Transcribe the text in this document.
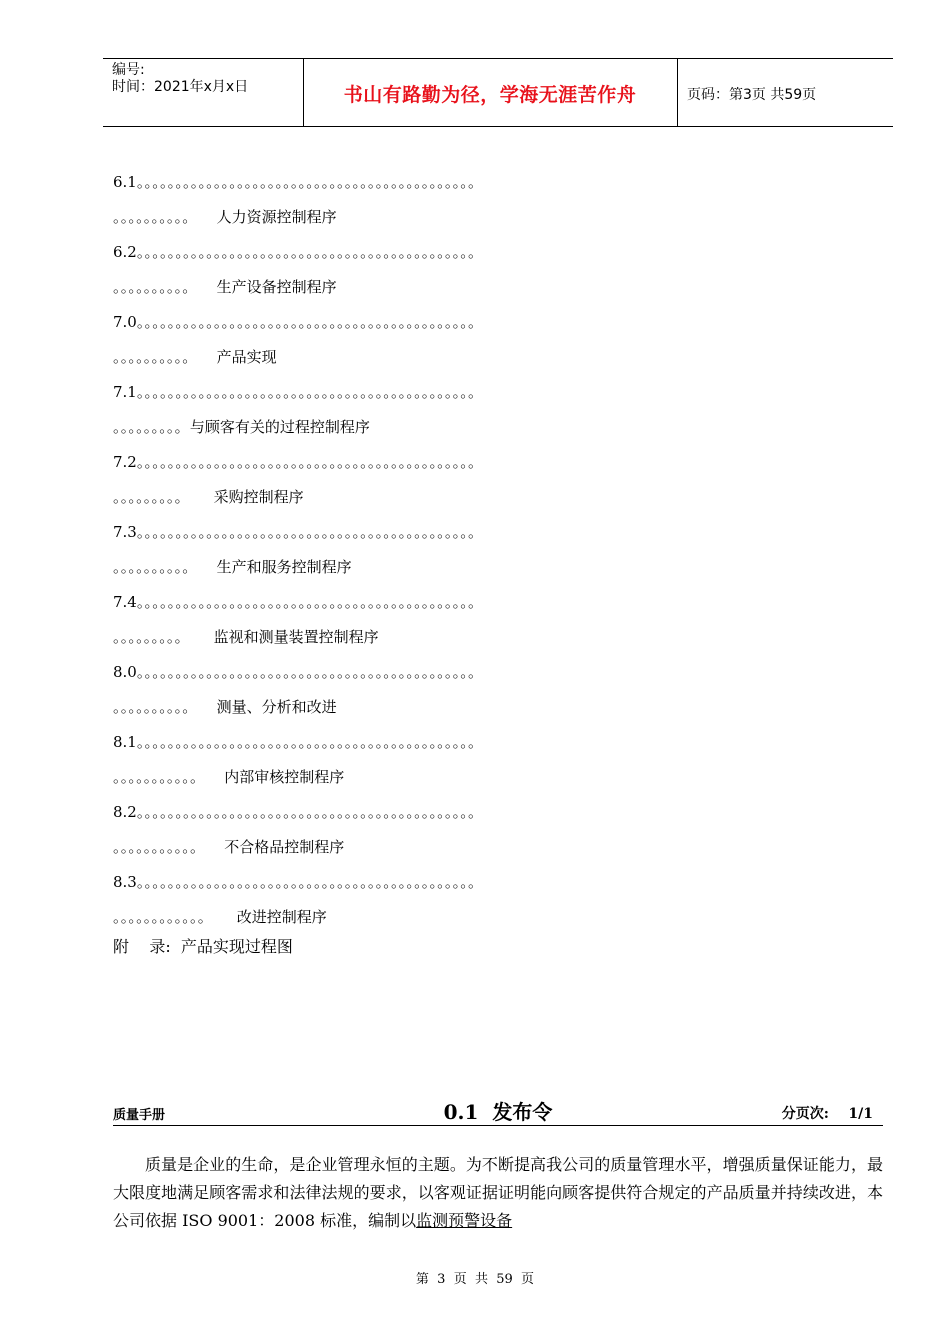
编号:
时间：2021年x月x日	书山有路勤为径，学海无涯苦作舟	页码：第3页 共59页
6.1。。。。。。。。。。。。。。。。。。。。。。。。。。。。。。。。。。。。。。。。。。。。
。。。。。。。。。。 人力资源控制程序
6.2。。。。。。。。。。。。。。。。。。。。。。。。。。。。。。。。。。。。。。。。。。。。
。。。。。。。。。。 生产设备控制程序
7.0。。。。。。。。。。。。。。。。。。。。。。。。。。。。。。。。。。。。。。。。。。。。
。。。。。。。。。。 产品实现
7.1。。。。。。。。。。。。。。。。。。。。。。。。。。。。。。。。。。。。。。。。。。。。
。。。。。。。。。与顾客有关的过程控制程序
7.2。。。。。。。。。。。。。。。。。。。。。。。。。。。。。。。。。。。。。。。。。。。。
。。。。。。。。。 采购控制程序
7.3。。。。。。。。。。。。。。。。。。。。。。。。。。。。。。。。。。。。。。。。。。。。
。。。。。。。。。。 生产和服务控制程序
7.4。。。。。。。。。。。。。。。。。。。。。。。。。。。。。。。。。。。。。。。。。。。。
。。。。。。。。。 监视和测量装置控制程序
8.0。。。。。。。。。。。。。。。。。。。。。。。。。。。。。。。。。。。。。。。。。。。。
。。。。。。。。。。 测量、分析和改进
8.1。。。。。。。。。。。。。。。。。。。。。。。。。。。。。。。。。。。。。。。。。。。。
。。。。。。。。。。。 内部审核控制程序
8.2。。。。。。。。。。。。。。。。。。。。。。。。。。。。。。。。。。。。。。。。。。。。
。。。。。。。。。。。 不合格品控制程序
8.3。。。。。。。。。。。。。。。。。。。。。。。。。。。。。。。。。。。。。。。。。。。。
。。。。。。。。。。。。 改进控制程序
附    录:  产品实现过程图
质量手册	0.1  发布令	分页次:    1/1
质量是企业的生命，是企业管理永恒的主题。为不断提高我公司的质量管理水平，增强质量保证能力，最大限度地满足顾客需求和法律法规的要求，以客观证据证明能向顾客提供符合规定的产品质量并持续改进，本公司依据 ISO 9001：2008 标准，编制以监测预警设备
第  3  页  共  59  页
